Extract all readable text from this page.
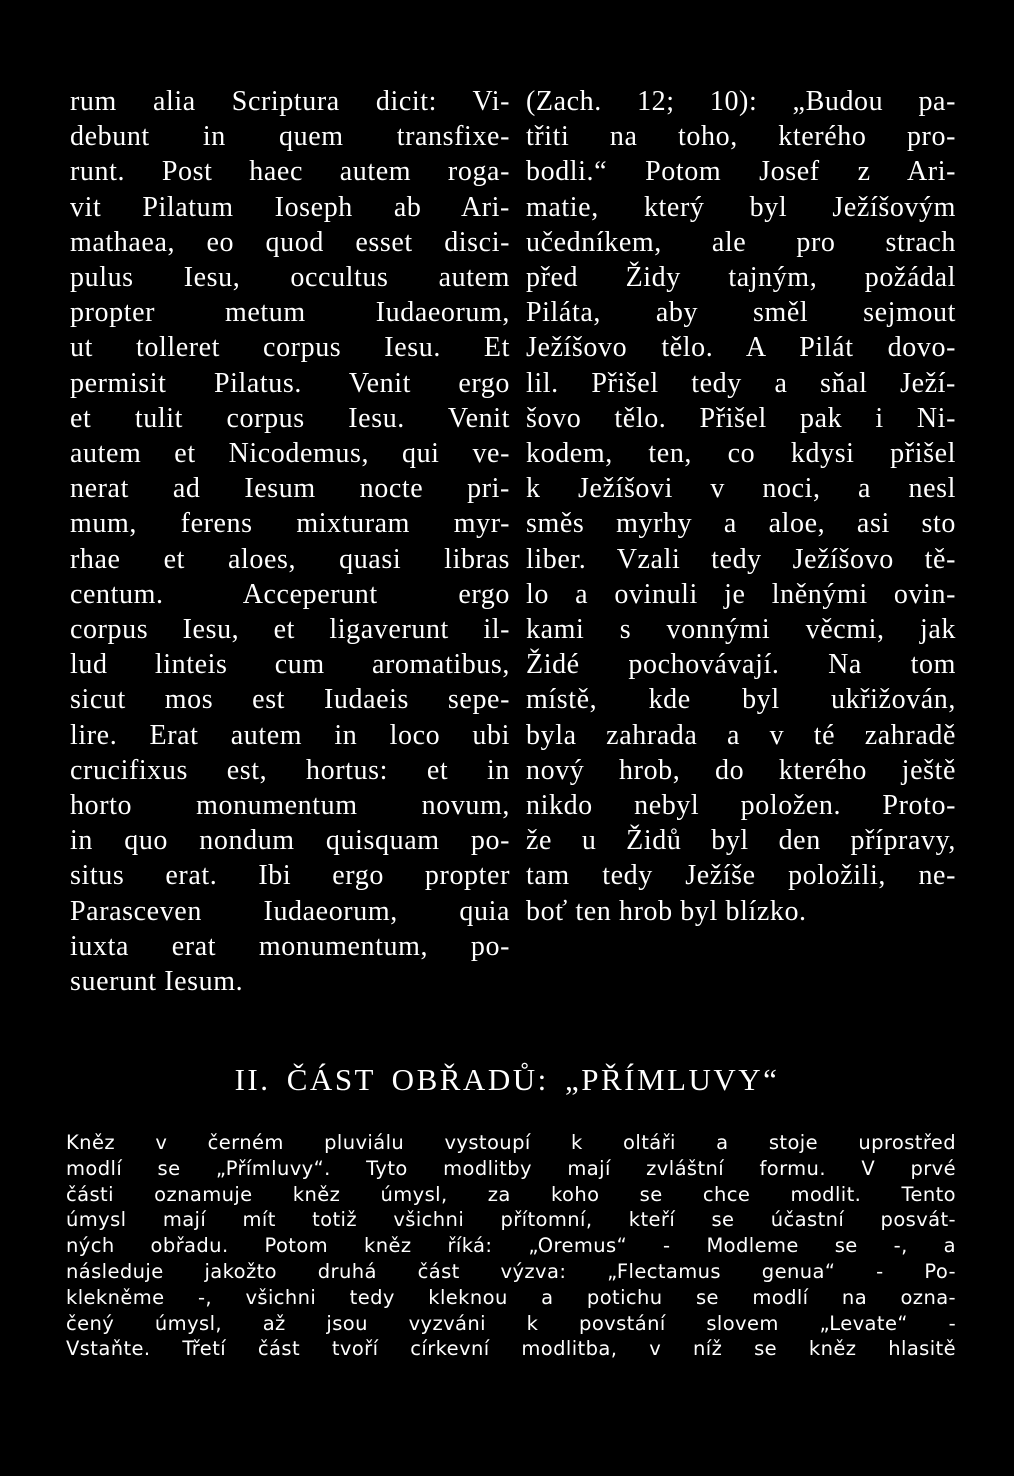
rum alia Scriptura dicit: Vi-
debunt in quem transfixe-
runt. Post haec autem roga-
vit Pilatum Ioseph ab Ari-
mathaea, eo quod esset disci-
pulus Iesu, occultus autem
propter metum Iudaeorum,
ut tolleret corpus Iesu. Et
permisit Pilatus. Venit ergo
et tulit corpus Iesu. Venit
autem et Nicodemus, qui ve-
nerat ad Iesum nocte pri-
mum, ferens mixturam myr-
rhae et aloes, quasi libras
centum. Acceperunt ergo
corpus Iesu, et ligaverunt il-
lud linteis cum aromatibus,
sicut mos est Iudaeis sepe-
lire. Erat autem in loco ubi
crucifixus est, hortus: et in
horto monumentum novum,
in quo nondum quisquam po-
situs erat. Ibi ergo propter
Parasceven Iudaeorum, quia
iuxta erat monumentum, po-
suerunt Iesum.
(Zach. 12; 10): „Budou pa-
třiti na toho, kterého pro-
bodli.“ Potom Josef z Ari-
matie, který byl Ježíšovým
učedníkem, ale pro strach
před Židy tajným, požádal
Piláta, aby směl sejmout
Ježíšovo tělo. A Pilát dovo-
lil. Přišel tedy a sňal Ježí-
šovo tělo. Přišel pak i Ni-
kodem, ten, co kdysi přišel
k Ježíšovi v noci, a nesl
směs myrhy a aloe, asi sto
liber. Vzali tedy Ježíšovo tě-
lo a ovinuli je lněnými ovin-
kami s vonnými věcmi, jak
Židé pochovávají. Na tom
místě, kde byl ukřižován,
byla zahrada a v té zahradě
nový hrob, do kterého ještě
nikdo nebyl položen. Proto-
že u Židů byl den přípravy,
tam tedy Ježíše položili, ne-
boť ten hrob byl blízko.
II. ČÁST OBŘADŮ: „PŘÍMLUVY“
Kněz v černém pluviálu vystoupí k oltáři a stoje uprostřed
modlí se „Přímluvy“. Tyto modlitby mají zvláštní formu. V prvé
části oznamuje kněz úmysl, za koho se chce modlit. Tento
úmysl mají mít totiž všichni přítomní, kteří se účastní posvát-
ných obřadu. Potom kněz říká: „Oremus“ - Modleme se -, a
následuje jakožto druhá část výzva: „Flectamus genua“ - Po-
klekněme -, všichni tedy kleknou a potichu se modlí na ozna-
čený úmysl, až jsou vyzváni k povstání slovem „Levate“ -
Vstaňte. Třetí část tvoří církevní modlitba, v níž se kněz hlasitě
